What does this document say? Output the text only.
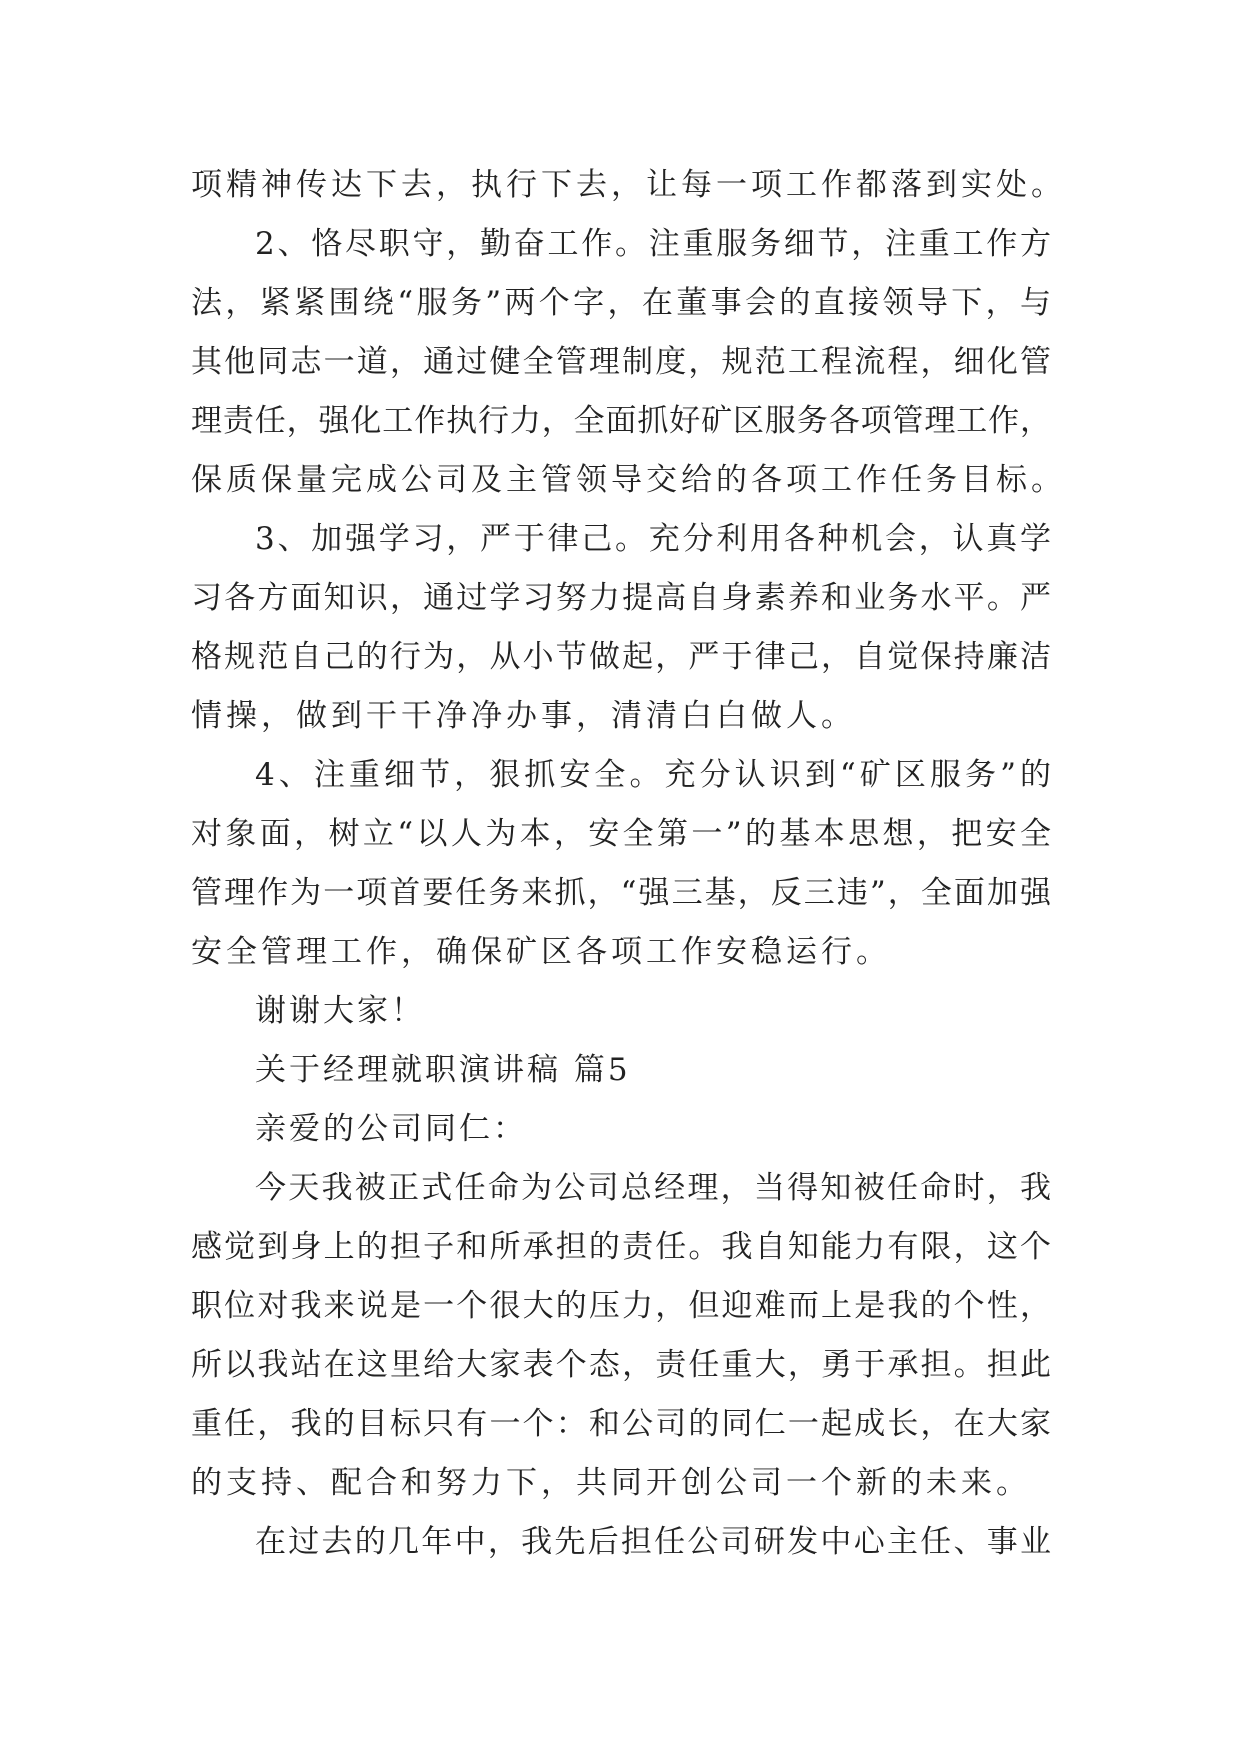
项精神传达下去，执行下去，让每一项工作都落到实处。
2、恪尽职守，勤奋工作。注重服务细节，注重工作方
法，紧紧围绕“服务”两个字，在董事会的直接领导下，与
其他同志一道，通过健全管理制度，规范工程流程，细化管
理责任，强化工作执行力，全面抓好矿区服务各项管理工作，
保质保量完成公司及主管领导交给的各项工作任务目标。
3、加强学习，严于律己。充分利用各种机会，认真学
习各方面知识，通过学习努力提高自身素养和业务水平。严
格规范自己的行为，从小节做起，严于律己，自觉保持廉洁
情操，做到干干净净办事，清清白白做人。
4、注重细节，狠抓安全。充分认识到“矿区服务”的
对象面，树立“以人为本，安全第一”的基本思想，把安全
管理作为一项首要任务来抓，“强三基，反三违”，全面加强
安全管理工作，确保矿区各项工作安稳运行。
谢谢大家！
关于经理就职演讲稿 篇5
亲爱的公司同仁：
今天我被正式任命为公司总经理，当得知被任命时，我
感觉到身上的担子和所承担的责任。我自知能力有限，这个
职位对我来说是一个很大的压力，但迎难而上是我的个性，
所以我站在这里给大家表个态，责任重大，勇于承担。担此
重任，我的目标只有一个：和公司的同仁一起成长，在大家
的支持、配合和努力下，共同开创公司一个新的未来。
在过去的几年中，我先后担任公司研发中心主任、事业
